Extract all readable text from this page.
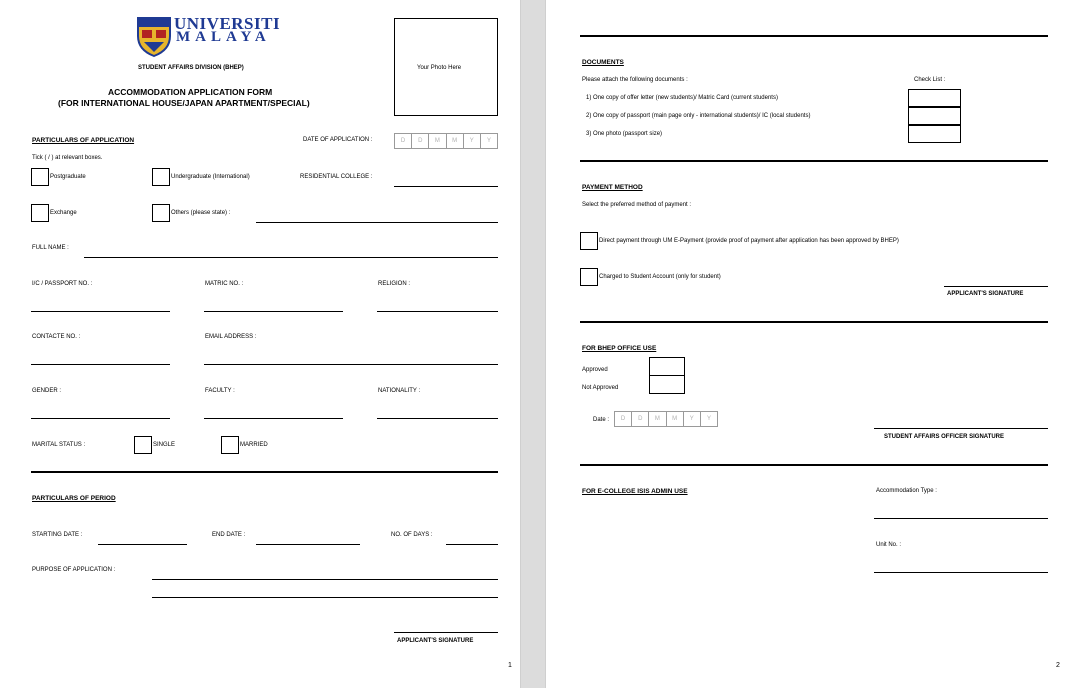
UNIVERSITI
MALAYA
STUDENT AFFAIRS DIVISION (BHEP)
ACCOMMODATION APPLICATION FORM
(FOR INTERNATIONAL HOUSE/JAPAN APARTMENT/SPECIAL)
Your Photo Here
PARTICULARS OF APPLICATION	DATE OF APPLICATION :	D	D	M	M	Y	Y
Tick ( / ) at relevant boxes.
Postgraduate	Undergraduate (International)	RESIDENTIAL COLLEGE :
Exchange	Others (please state) :
FULL NAME :
I/C / PASSPORT NO. :	MATRIC NO. :	RELIGION :
CONTACTE NO. :	EMAIL ADDRESS :
GENDER :	FACULTY :	NATIONALITY :
MARITAL STATUS :	SINGLE	MARRIED
PARTICULARS OF PERIOD
STARTING DATE :	END DATE :	NO. OF DAYS :
PURPOSE OF APPLICATION :
APPLICANT'S SIGNATURE
1
DOCUMENTS
Please attach the following documents :	Check List :
1) One copy of offer letter (new students)/ Matric Card (current students)
2) One copy of passport (main page only - international students)/ IC (local students)
3) One photo (passport size)
PAYMENT METHOD
Select the preferred method of payment :
Direct payment through UM E-Payment (provide proof of payment after application has been approved by BHEP)
Charged to Student Account (only for student)
APPLICANT'S SIGNATURE
FOR BHEP OFFICE USE
Approved
Not Approved
Date :	D	D	M	M	Y	Y
STUDENT AFFAIRS OFFICER SIGNATURE
FOR E-COLLEGE ISIS ADMIN USE	Accommodation Type :
Unit No. :
2
